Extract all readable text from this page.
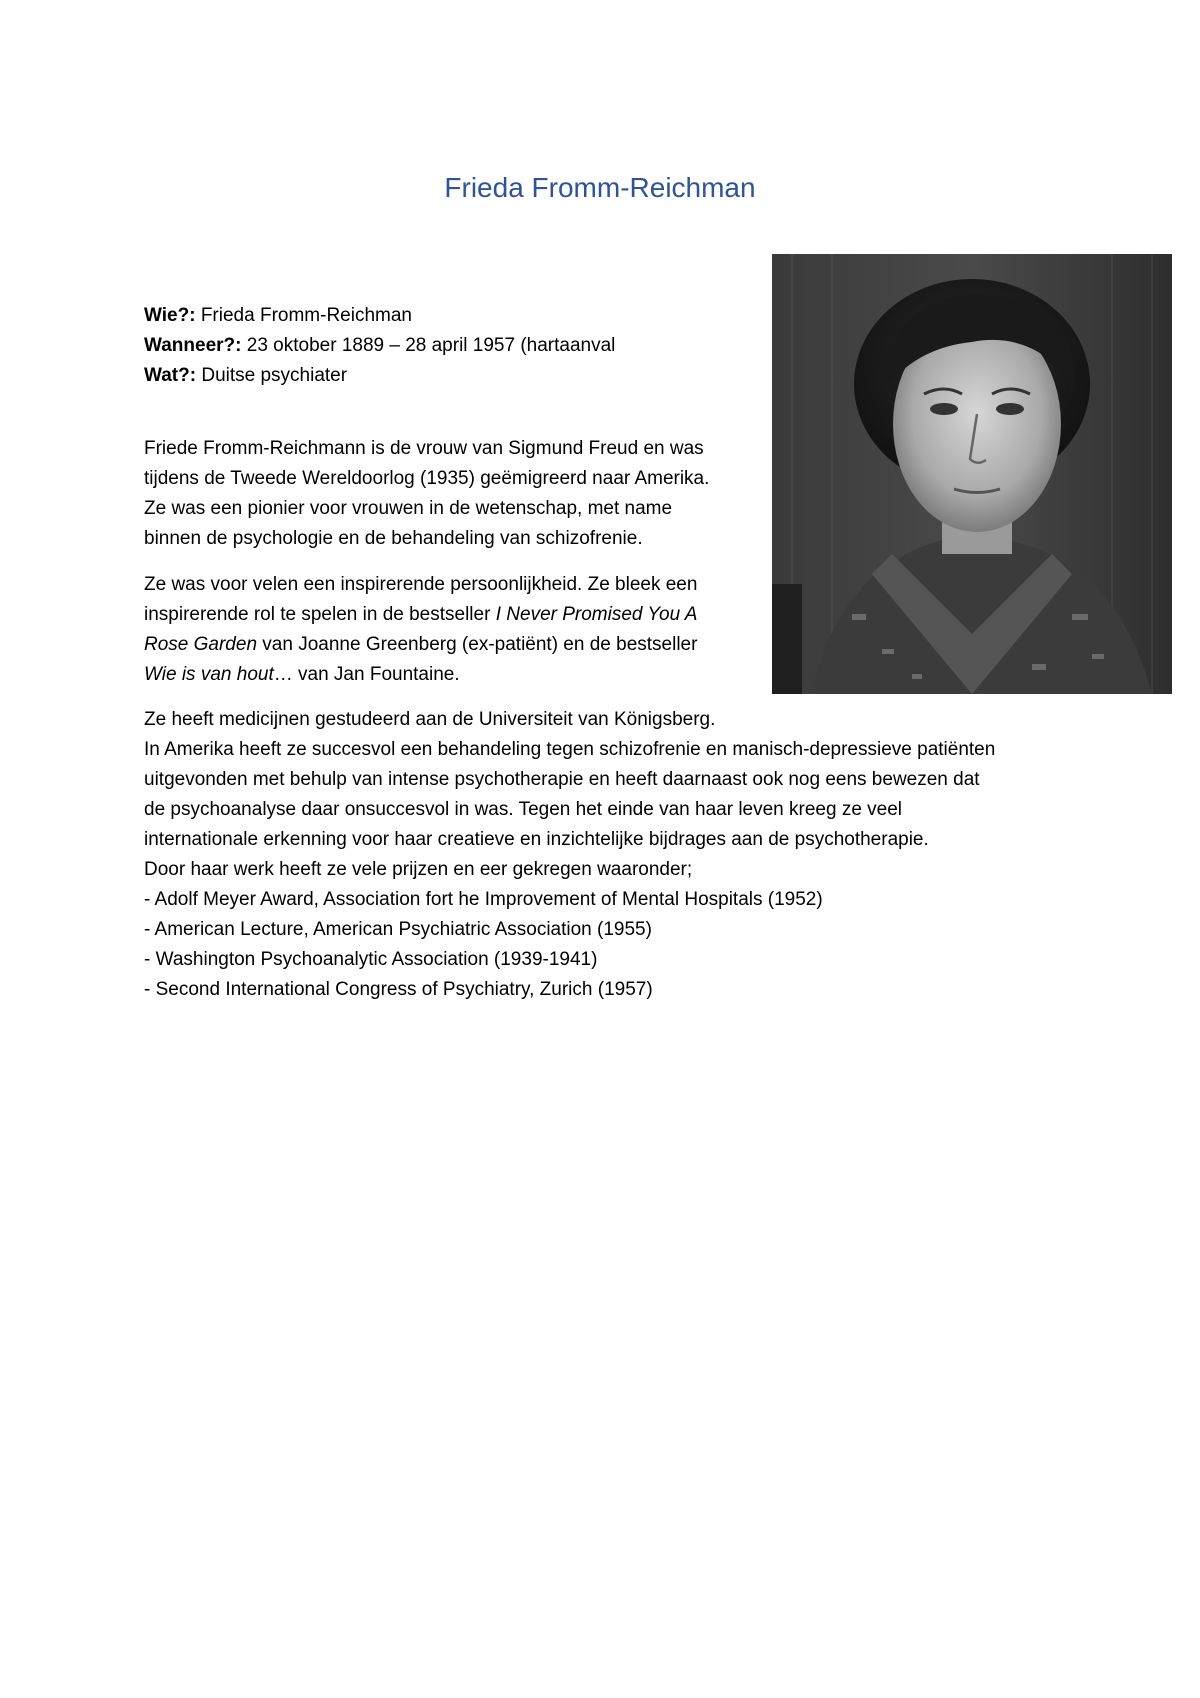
Frieda Fromm-Reichman
Wie?: Frieda Fromm-Reichman
Wanneer?: 23 oktober 1889 – 28 april 1957 (hartaanval
Wat?: Duitse psychiater
Friede Fromm-Reichmann is de vrouw van Sigmund Freud en was
tijdens de Tweede Wereldoorlog (1935) geëmigreerd naar Amerika.
Ze was een pionier voor vrouwen in de wetenschap, met name
binnen de psychologie en de behandeling van schizofrenie.
Ze was voor velen een inspirerende persoonlijkheid. Ze bleek een
inspirerende rol te spelen in de bestseller I Never Promised You A
Rose Garden van Joanne Greenberg (ex-patiënt) en de bestseller
Wie is van hout… van Jan Fountaine.
Ze heeft medicijnen gestudeerd aan de Universiteit van Königsberg.
In Amerika heeft ze succesvol een behandeling tegen schizofrenie en manisch-depressieve patiënten
uitgevonden met behulp van intense psychotherapie en heeft daarnaast ook nog eens bewezen dat
de psychoanalyse daar onsuccesvol in was. Tegen het einde van haar leven kreeg ze veel
internationale erkenning voor haar creatieve en inzichtelijke bijdrages aan de psychotherapie.
Door haar werk heeft ze vele prijzen en eer gekregen waaronder;
- Adolf Meyer Award, Association fort he Improvement of Mental Hospitals (1952)
- American Lecture, American Psychiatric Association (1955)
- Washington Psychoanalytic Association (1939-1941)
- Second International Congress of Psychiatry, Zurich (1957)
